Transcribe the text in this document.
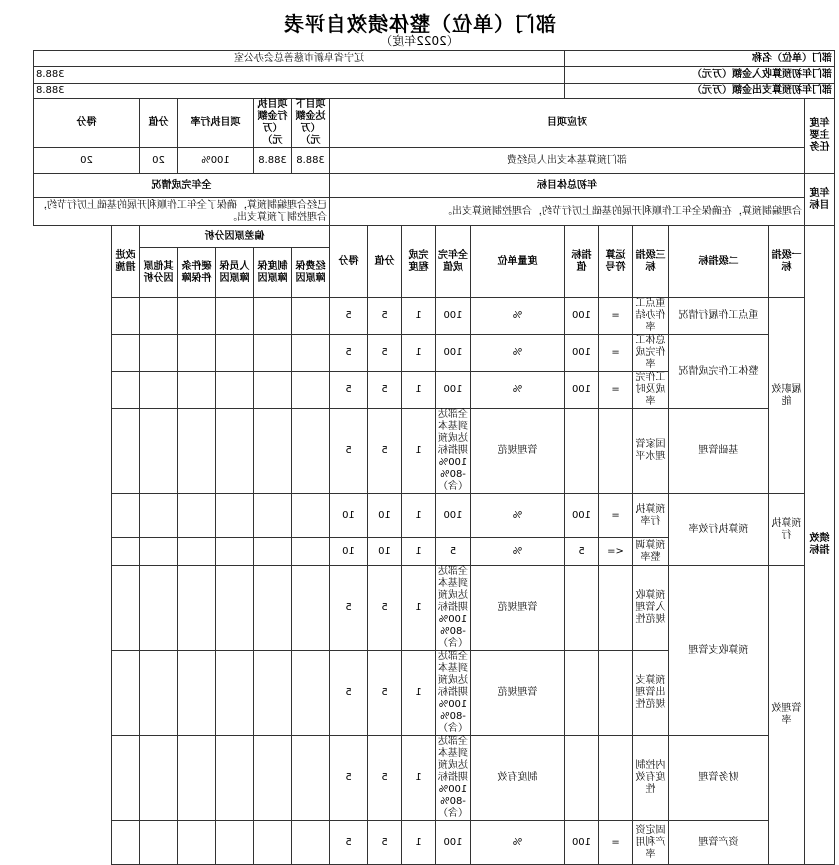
部门（单位）整体绩效自评表
（2022年度）
部门（单位）名称						辽宁省阜新市慈善总会办公室										
部门年初预算收入金额（万元）						388.8										
部门年初预算支出金额（万元）						388.8										
年度主要任务	对应项目										项目下达金额（万元）	项目执行金额（万元）	项目执行率		分值	得分
	部门预算基本支出人员经费										388.8	388.8	100%		20	20
年度目标	年初总体目标										全年完成情况					
	合理编制预算，在确保全年工作顺利开展的基础上厉行节约，合理控制预算支出。										已经合理编制预算，确保了全年工作顺利开展的基础上厉行节约，合理控制了预算支出。					
绩效指标	一级指标	二级指标	三级指标	运算符号	指标值	度量单位	全年完成值	完成程度	分值	得分	偏差原因分析					改进措施
											经费保障原因	制度保障原因	人员保障原因	硬件条件保障	其他原因分析	
	履职效能	重点工作履行情况	重点工作办结率	=	100	%	100	1	5	5						
		整体工作完成情况	总体工作完成率	=	100	%	100	1	5	5						
			工作完成及时率	=	100	%	100	1	5	5						
		基础管理	国家管理水平			管理规范	全部达到基本达成预期指标100%-80%（含）	1	5	5						
	预算执行	预算执行效率	预算执行率	=	100	%	100	1	10	10						
			预算调整率	<=	5	%	5	1	10	10						
	管理效率	预算收支管理	预算收入管理规范性			管理规范	全部达到基本达成预期指标100%-80%（含）	1	5	5						
			预算支出管理规范性			管理规范	全部达到基本达成预期指标100%-80%（含）	1	5	5						
		财务管理	内控制度有效性			制度有效	全部达到基本达成预期指标100%-80%（含）	1	5	5						
		资产管理	固定资产利用率	=	100	%	100	1	5	5						
